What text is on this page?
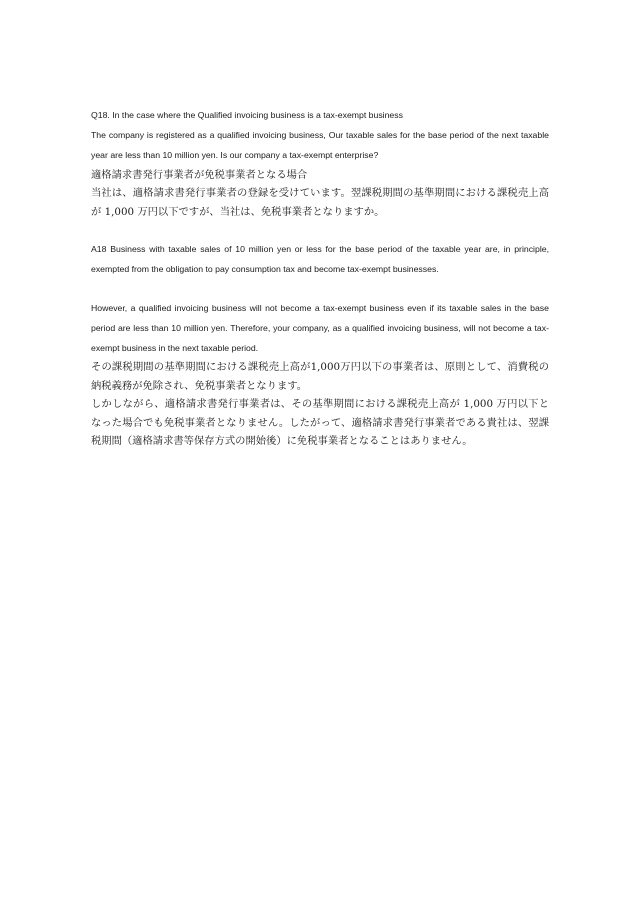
Q18. In the case where the Qualified invoicing business is a tax-exempt business

The company is registered as a qualified invoicing business, Our taxable sales for the base period of the next taxable year are less than 10 million yen. Is our company a tax-exempt enterprise?

適格請求書発行事業者が免税事業者となる場合

当社は、適格請求書発行事業者の登録を受けています。翌課税期間の基準期間における課税売上高が 1,000 万円以下ですが、当社は、免税事業者となりますか。

A18 Business with taxable sales of 10 million yen or less for the base period of the taxable year are, in principle, exempted from the obligation to pay consumption tax and become tax-exempt businesses.

However, a qualified invoicing business will not become a tax-exempt business even if its taxable sales in the base period are less than 10 million yen. Therefore, your company, as a qualified invoicing business, will not become a tax-exempt business in the next taxable period.

その課税期間の基準期間における課税売上高が1,000万円以下の事業者は、原則として、消費税の納税義務が免除され、免税事業者となります。

しかしながら、適格請求書発行事業者は、その基準期間における課税売上高が 1,000 万円以下となった場合でも免税事業者となりません。したがって、適格請求書発行事業者である貴社は、翌課税期間（適格請求書等保存方式の開始後）に免税事業者となることはありません。
